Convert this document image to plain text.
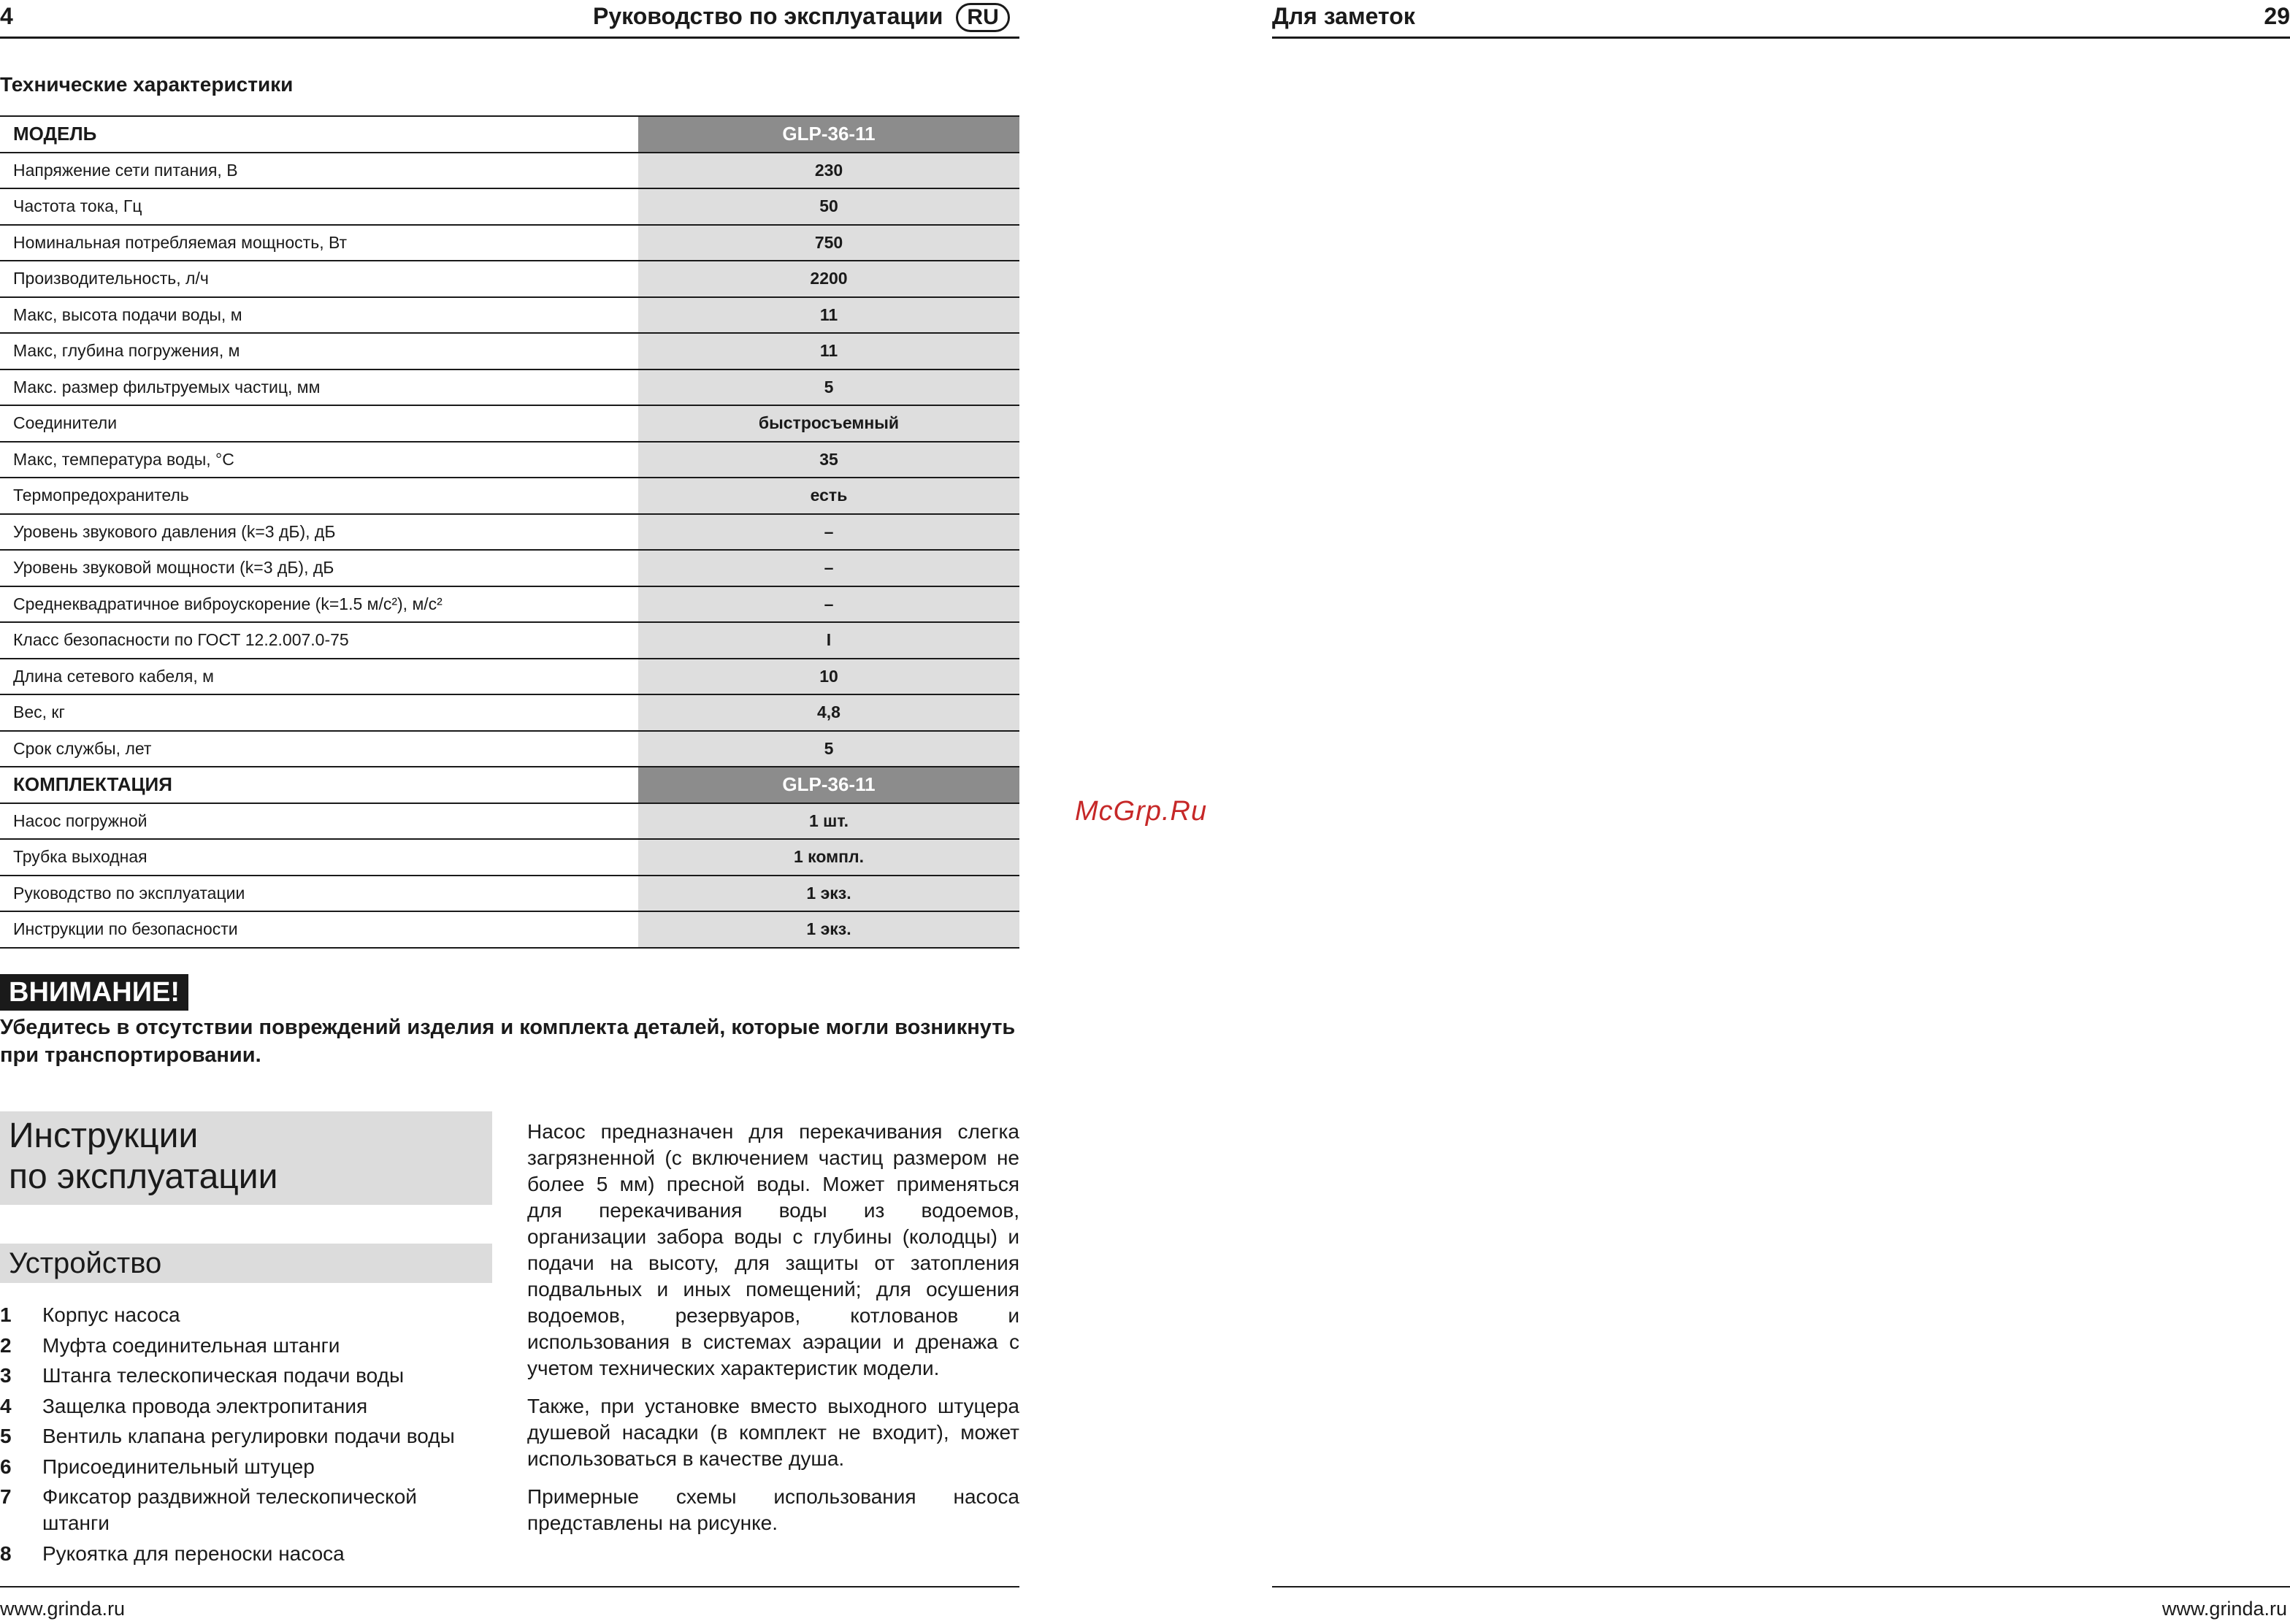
4	Руководство по эксплуатации RU	Для заметок	29
Технические характеристики
МОДЕЛЬ	GLP-36-11
Напряжение сети питания, В	230
Частота тока, Гц	50
Номинальная потребляемая мощность, Вт	750
Производительность, л/ч	2200
Макс, высота подачи воды, м	11
Макс, глубина погружения, м	11
Макс. размер фильтруемых частиц, мм	5
Соединители	быстросъемный
Макс, температура воды, °С	35
Термопредохранитель	есть
Уровень звукового давления (k=3 дБ), дБ	–
Уровень звуковой мощности (k=3 дБ), дБ	–
Среднеквадратичное виброускорение (k=1.5 м/с²), м/с²	–
Класс безопасности по ГОСТ 12.2.007.0-75	I
Длина сетевого кабеля, м	10
Вес, кг	4,8
Срок службы, лет	5
КОМПЛЕКТАЦИЯ	GLP-36-11
Насос погружной	1 шт.
Трубка выходная	1 компл.
Руководство по эксплуатации	1 экз.
Инструкции по безопасности	1 экз.
ВНИМАНИЕ!
Убедитесь в отсутствии повреждений изделия и комплекта деталей, которые могли возникнуть при транспортировании.
Инструкции
по эксплуатации
Устройство
1	Корпус насоса
2	Муфта соединительная штанги
3	Штанга телескопическая подачи воды
4	Защелка провода электропитания
5	Вентиль клапана регулировки подачи воды
6	Присоединительный штуцер
7	Фиксатор раздвижной телескопической штанги
8	Рукоятка для переноски насоса

Насос предназначен для перекачивания слегка загрязненной (с включением частиц размером не более 5 мм) пресной воды. Может применяться для перекачивания воды из водоемов, организации забора воды с глубины (колодцы) и подачи на высоту, для защиты от затопления подвальных и иных помещений; для осушения водоемов, резервуаров, котлованов и использования в системах аэрации и дренажа с учетом технических характеристик модели.

Также, при установке вместо выходного штуцера душевой насадки (в комплект не входит), может использоваться в качестве душа.

Примерные схемы использования насоса представлены на рисунке.

www.grinda.ru	www.grinda.ru
McGrp.Ru
